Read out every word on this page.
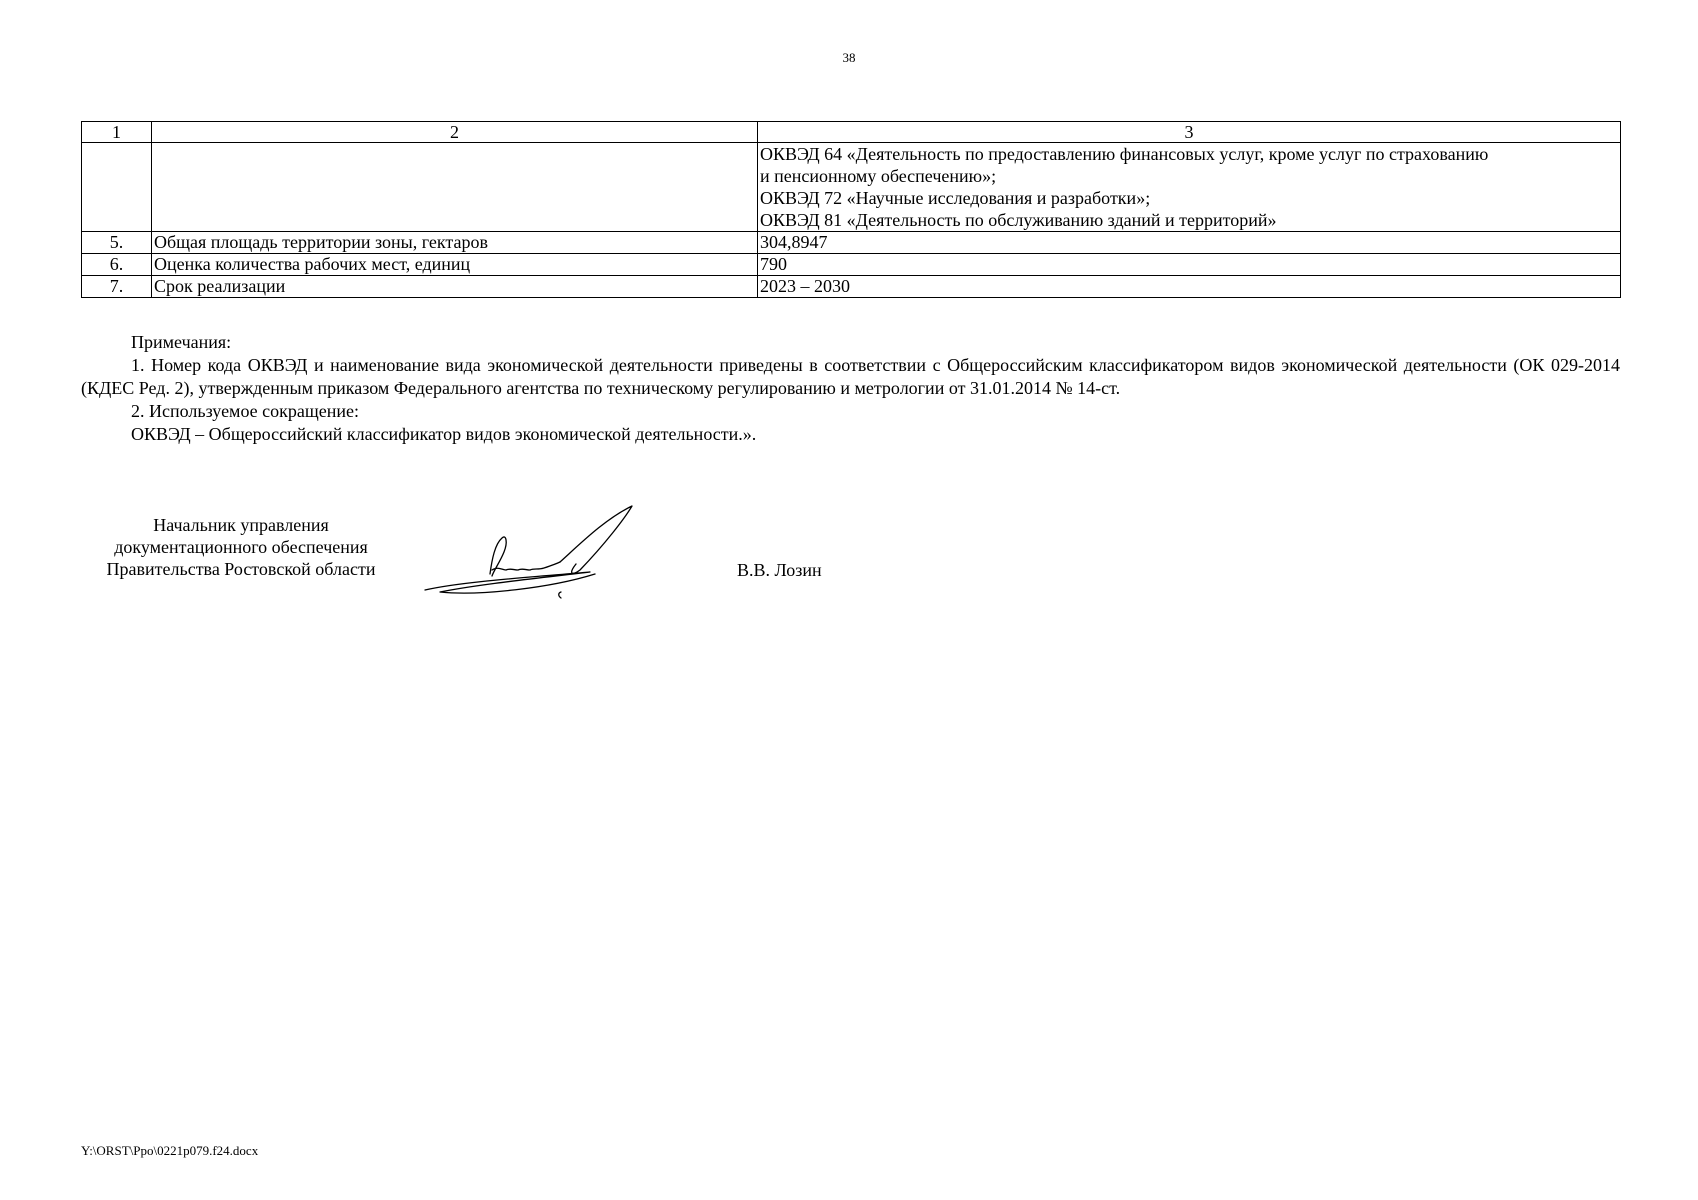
38
1	2	3

		ОКВЭД 64 «Деятельность по предоставлению финансовых услуг, кроме услуг по страхованию
и пенсионному обеспечению»;
ОКВЭД 72 «Научные исследования и разработки»;
ОКВЭД 81 «Деятельность по обслуживанию зданий и территорий»

5.	Общая площадь территории зоны, гектаров	304,8947
6.	Оценка количества рабочих мест, единиц	790
7.	Срок реализации	2023 – 2030

Примечания:

1. Номер кода ОКВЭД и наименование вида экономической деятельности приведены в соответствии с Общероссийским классификатором видов экономической деятельности (ОК 029-2014 (КДЕС Ред. 2), утвержденным приказом Федерального агентства по техническому регулированию и метрологии от 31.01.2014 № 14-ст.

2. Используемое сокращение:

ОКВЭД – Общероссийский классификатор видов экономической деятельности.».

Начальник управления
документационного обеспечения
Правительства Ростовской области	В.В. Лозин
Y:\ORST\Ppo\0221p079.f24.docx
